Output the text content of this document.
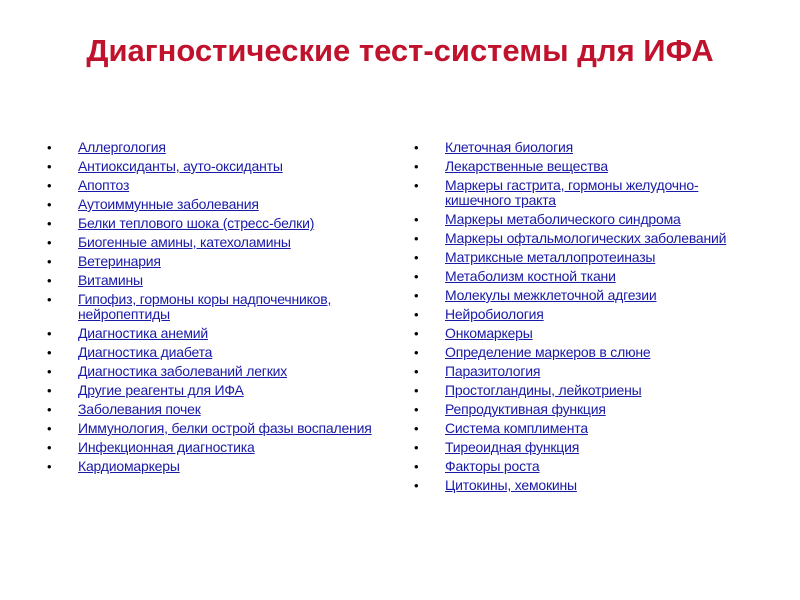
Диагностические тест-системы для ИФА
• Аллергология
• Антиоксиданты, ауто-оксиданты
• Апоптоз
• Аутоиммунные заболевания
• Белки теплового шока (стресс-белки)
• Биогенные амины, катехоламины
• Ветеринария
• Витамины
• Гипофиз, гормоны коры надпочечников, нейропептиды
• Диагностика анемий
• Диагностика диабета
• Диагностика заболеваний легких
• Другие реагенты для ИФА
• Заболевания почек
• Иммунология, белки острой фазы воспаления
• Инфекционная диагностика
• Кардиомаркеры
• Клеточная биология
• Лекарственные вещества
• Маркеры гастрита, гормоны желудочно-кишечного тракта
• Маркеры метаболического синдрома
• Маркеры офтальмологических заболеваний
• Матриксные металлопротеиназы
• Метаболизм костной ткани
• Молекулы межклеточной адгезии
• Нейробиология
• Онкомаркеры
• Определение маркеров в слюне
• Паразитология
• Простогландины, лейкотриены
• Репродуктивная функция
• Система комплимента
• Тиреоидная функция
• Факторы роста
• Цитокины, хемокины
